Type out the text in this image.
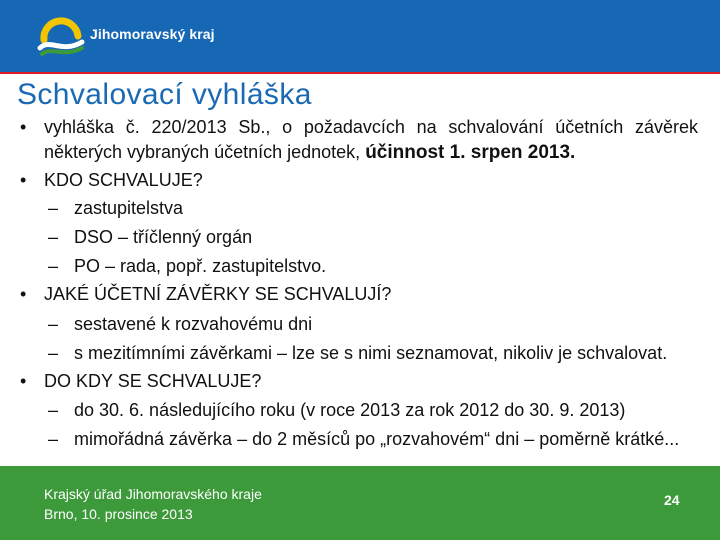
Jihomoravský kraj
Schvalovací vyhláška
• vyhláška č. 220/2013 Sb., o požadavcích na schvalování účetních závěrek některých vybraných účetních jednotek, účinnost 1. srpen 2013.
• KDO SCHVALUJE?
– zastupitelstva
– DSO – tříčlenný orgán
– PO – rada, popř. zastupitelstvo.
• JAKÉ ÚČETNÍ ZÁVĚRKY SE SCHVALUJÍ?
– sestavené k rozvahovému dni
– s mezitímními závěrkami – lze se s nimi seznamovat, nikoliv je schvalovat.
• DO KDY SE SCHVALUJE?
– do 30. 6. následujícího roku (v roce 2013 za rok 2012 do 30. 9. 2013)
– mimořádná závěrka – do 2 měsíců po „rozvahovém“ dni – poměrně krátké...
Krajský úřad Jihomoravského kraje
Brno, 10. prosince 2013
24
